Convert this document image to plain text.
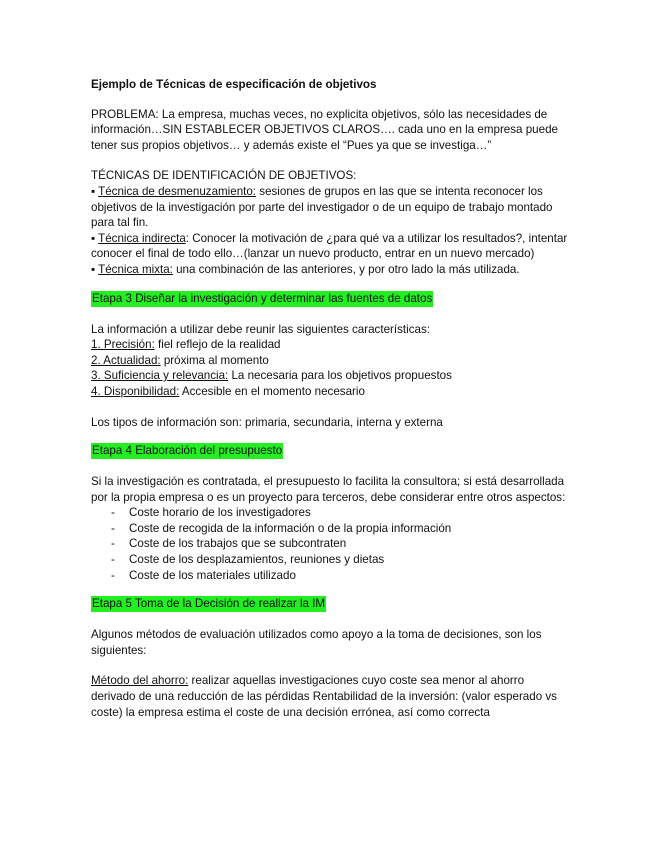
Ejemplo de Técnicas de especificación de objetivos

PROBLEMA: La empresa, muchas veces, no explicita objetivos, sólo las necesidades de información…SIN ESTABLECER OBJETIVOS CLAROS…. cada uno en la empresa puede tener sus propios objetivos… y además existe el “Pues ya que se investiga…”

TÉCNICAS DE IDENTIFICACIÓN DE OBJETIVOS:

▪ Técnica de desmenuzamiento: sesiones de grupos en las que se intenta reconocer los objetivos de la investigación por parte del investigador o de un equipo de trabajo montado para tal fin.

▪ Técnica indirecta: Conocer la motivación de ¿para qué va a utilizar los resultados?, intentar conocer el final de todo ello…(lanzar un nuevo producto, entrar en un nuevo mercado)

▪ Técnica mixta: una combinación de las anteriores, y por otro lado la más utilizada.

Etapa 3 Diseñar la investigación y determinar las fuentes de datos

La información a utilizar debe reunir las siguientes características:

1. Precisión: fiel reflejo de la realidad

2. Actualidad: próxima al momento

3. Suficiencia y relevancia: La necesaria para los objetivos propuestos

4. Disponibilidad: Accesible en el momento necesario

Los tipos de información son: primaria, secundaria, interna y externa

Etapa 4 Elaboración del presupuesto

Si la investigación es contratada, el presupuesto lo facilita la consultora; si está desarrollada por la propia empresa o es un proyecto para terceros, debe considerar entre otros aspectos:

- Coste horario de los investigadores
- Coste de recogida de la información o de la propia información
- Coste de los trabajos que se subcontraten
- Coste de los desplazamientos, reuniones y dietas
- Coste de los materiales utilizado

Etapa 5 Toma de la Decisión de realizar la IM

Algunos métodos de evaluación utilizados como apoyo a la toma de decisiones, son los siguientes:

Método del ahorro: realizar aquellas investigaciones cuyo coste sea menor al ahorro derivado de una reducción de las pérdidas Rentabilidad de la inversión: (valor esperado vs coste) la empresa estima el coste de una decisión errónea, así como correcta
